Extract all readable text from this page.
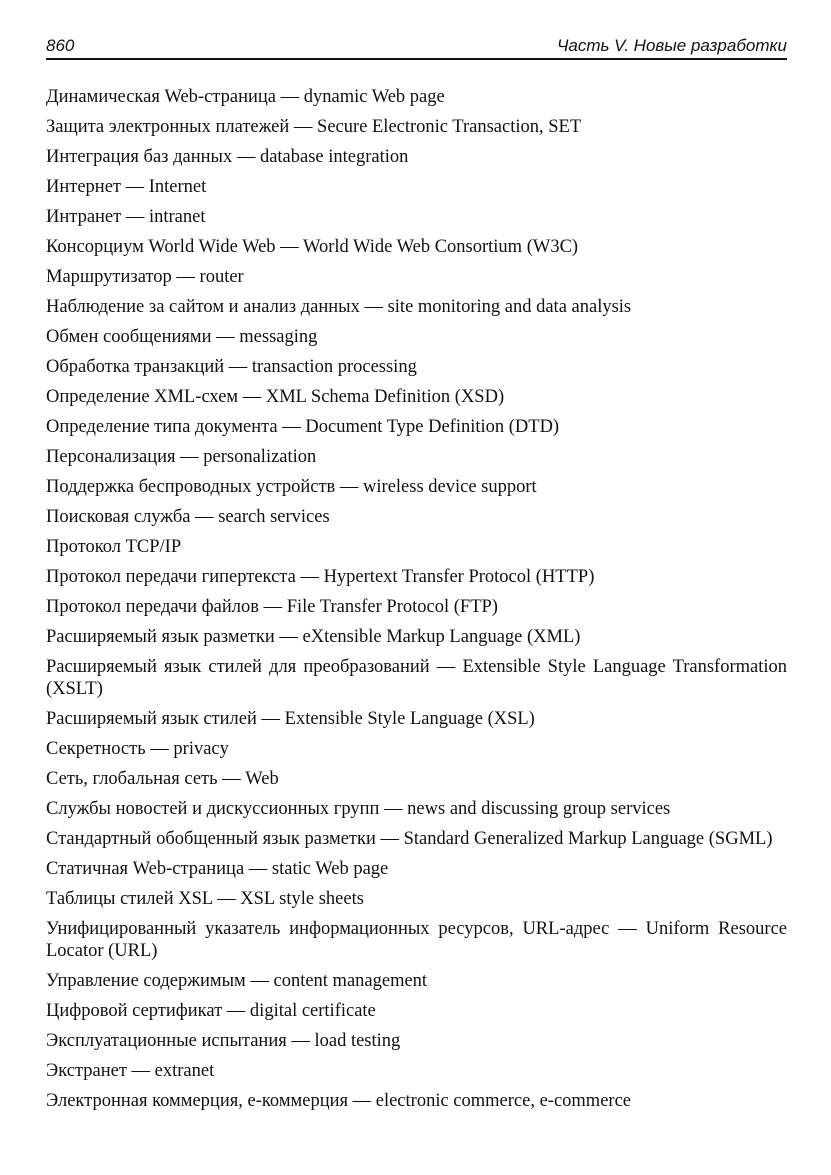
860	Часть V. Новые разработки
Динамическая Web-страница — dynamic Web page
Защита электронных платежей — Secure Electronic Transaction, SET
Интеграция баз данных — database integration
Интернет — Internet
Интранет — intranet
Консорциум World Wide Web — World Wide Web Consortium (W3C)
Маршрутизатор — router
Наблюдение за сайтом и анализ данных — site monitoring and data analysis
Обмен сообщениями — messaging
Обработка транзакций — transaction processing
Определение XML-схем — XML Schema Definition (XSD)
Определение типа документа — Document Type Definition (DTD)
Персонализация — personalization
Поддержка беспроводных устройств — wireless device support
Поисковая служба — search services
Протокол TCP/IP
Протокол передачи гипертекста — Hypertext Transfer Protocol (HTTP)
Протокол передачи файлов — File Transfer Protocol (FTP)
Расширяемый язык разметки — eXtensible Markup Language (XML)
Расширяемый язык стилей для преобразований — Extensible Style Language Transformation (XSLT)
Расширяемый язык стилей — Extensible Style Language (XSL)
Секретность — privacy
Сеть, глобальная сеть — Web
Службы новостей и дискуссионных групп — news and discussing group services
Стандартный обобщенный язык разметки — Standard Generalized Markup Language (SGML)
Статичная Web-страница — static Web page
Таблицы стилей XSL — XSL style sheets
Унифицированный указатель информационных ресурсов, URL-адрес — Uniform Resource Locator (URL)
Управление содержимым — content management
Цифровой сертификат — digital certificate
Эксплуатационные испытания — load testing
Экстранет — extranet
Электронная коммерция, е-коммерция — electronic commerce, e-commerce
